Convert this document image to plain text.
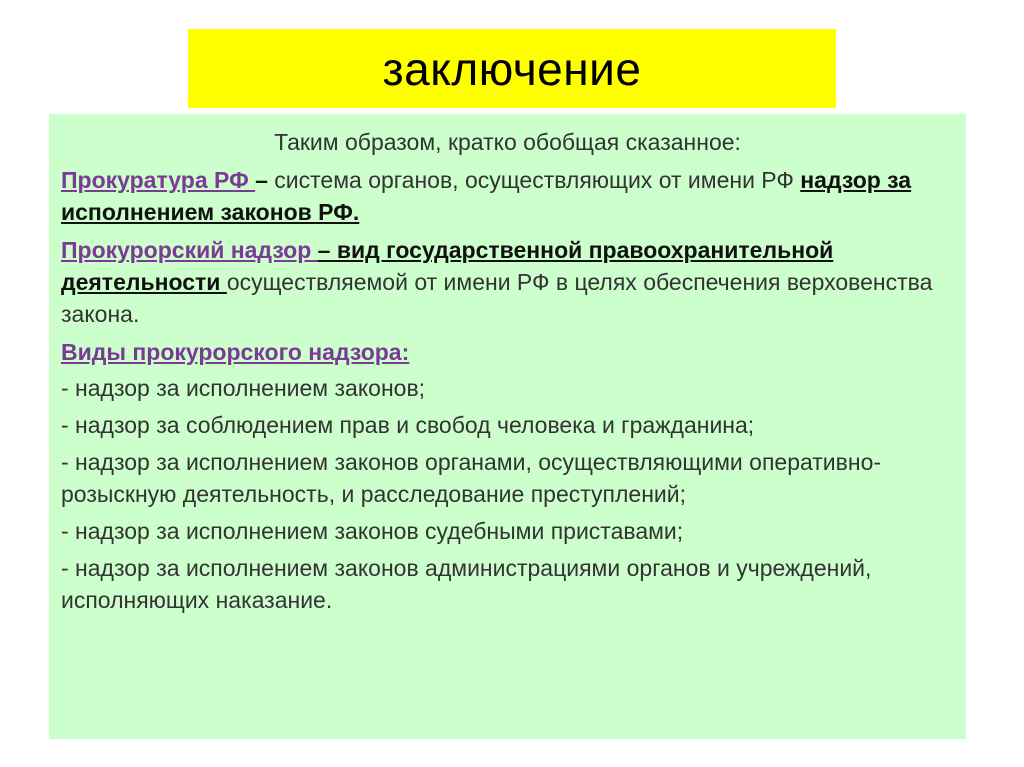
заключение

Таким образом, кратко обобщая сказанное:

Прокуратура РФ – система органов, осуществляющих от имени РФ надзор за исполнением законов РФ.

Прокурорский надзор – вид государственной правоохранительной деятельности осуществляемой от имени РФ в целях обеспечения верховенства закона.

Виды прокурорского надзора:

- надзор за исполнением законов;

- надзор за соблюдением прав и свобод человека и гражданина;

- надзор за исполнением законов органами, осуществляющими оперативно-розыскную деятельность, и расследование преступлений;

- надзор за исполнением законов судебными приставами;

- надзор за исполнением законов администрациями органов и учреждений, исполняющих наказание.
